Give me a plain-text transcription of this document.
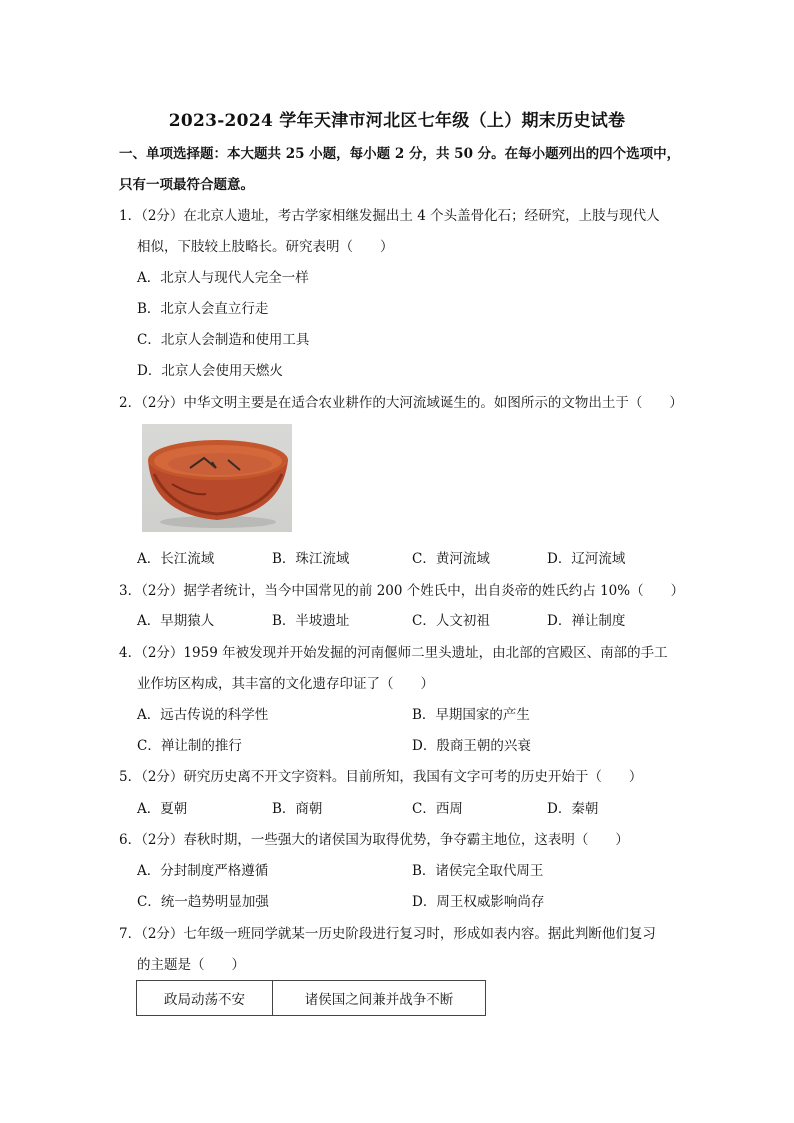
2023-2024 学年天津市河北区七年级（上）期末历史试卷
一、单项选择题：本大题共 25 小题，每小题 2 分，共 50 分。在每小题列出的四个选项中，
只有一项最符合题意。
1．（2分）在北京人遗址，考古学家相继发掘出土 4 个头盖骨化石；经研究，上肢与现代人
相似，下肢较上肢略长。研究表明（　　）
A．北京人与现代人完全一样
B．北京人会直立行走
C．北京人会制造和使用工具
D．北京人会使用天燃火
2．（2分）中华文明主要是在适合农业耕作的大河流域诞生的。如图所示的文物出土于（　　）
A．长江流域	B．珠江流域	C．黄河流域	D．辽河流域
3．（2分）据学者统计，当今中国常见的前 200 个姓氏中，出自炎帝的姓氏约占 10%（　　）
A．早期猿人	B．半坡遗址	C．人文初祖	D．禅让制度
4．（2分）1959 年被发现并开始发掘的河南偃师二里头遗址，由北部的宫殿区、南部的手工
业作坊区构成，其丰富的文化遗存印证了（　　）
A．远古传说的科学性	B．早期国家的产生
C．禅让制的推行	D．殷商王朝的兴衰
5．（2分）研究历史离不开文字资料。目前所知，我国有文字可考的历史开始于（　　）
A．夏朝	B．商朝	C．西周	D．秦朝
6．（2分）春秋时期，一些强大的诸侯国为取得优势，争夺霸主地位，这表明（　　）
A．分封制度严格遵循	B．诸侯完全取代周王
C．统一趋势明显加强	D．周王权威影响尚存
7．（2分）七年级一班同学就某一历史阶段进行复习时，形成如表内容。据此判断他们复习
的主题是（　　）
政局动荡不安	诸侯国之间兼并战争不断
